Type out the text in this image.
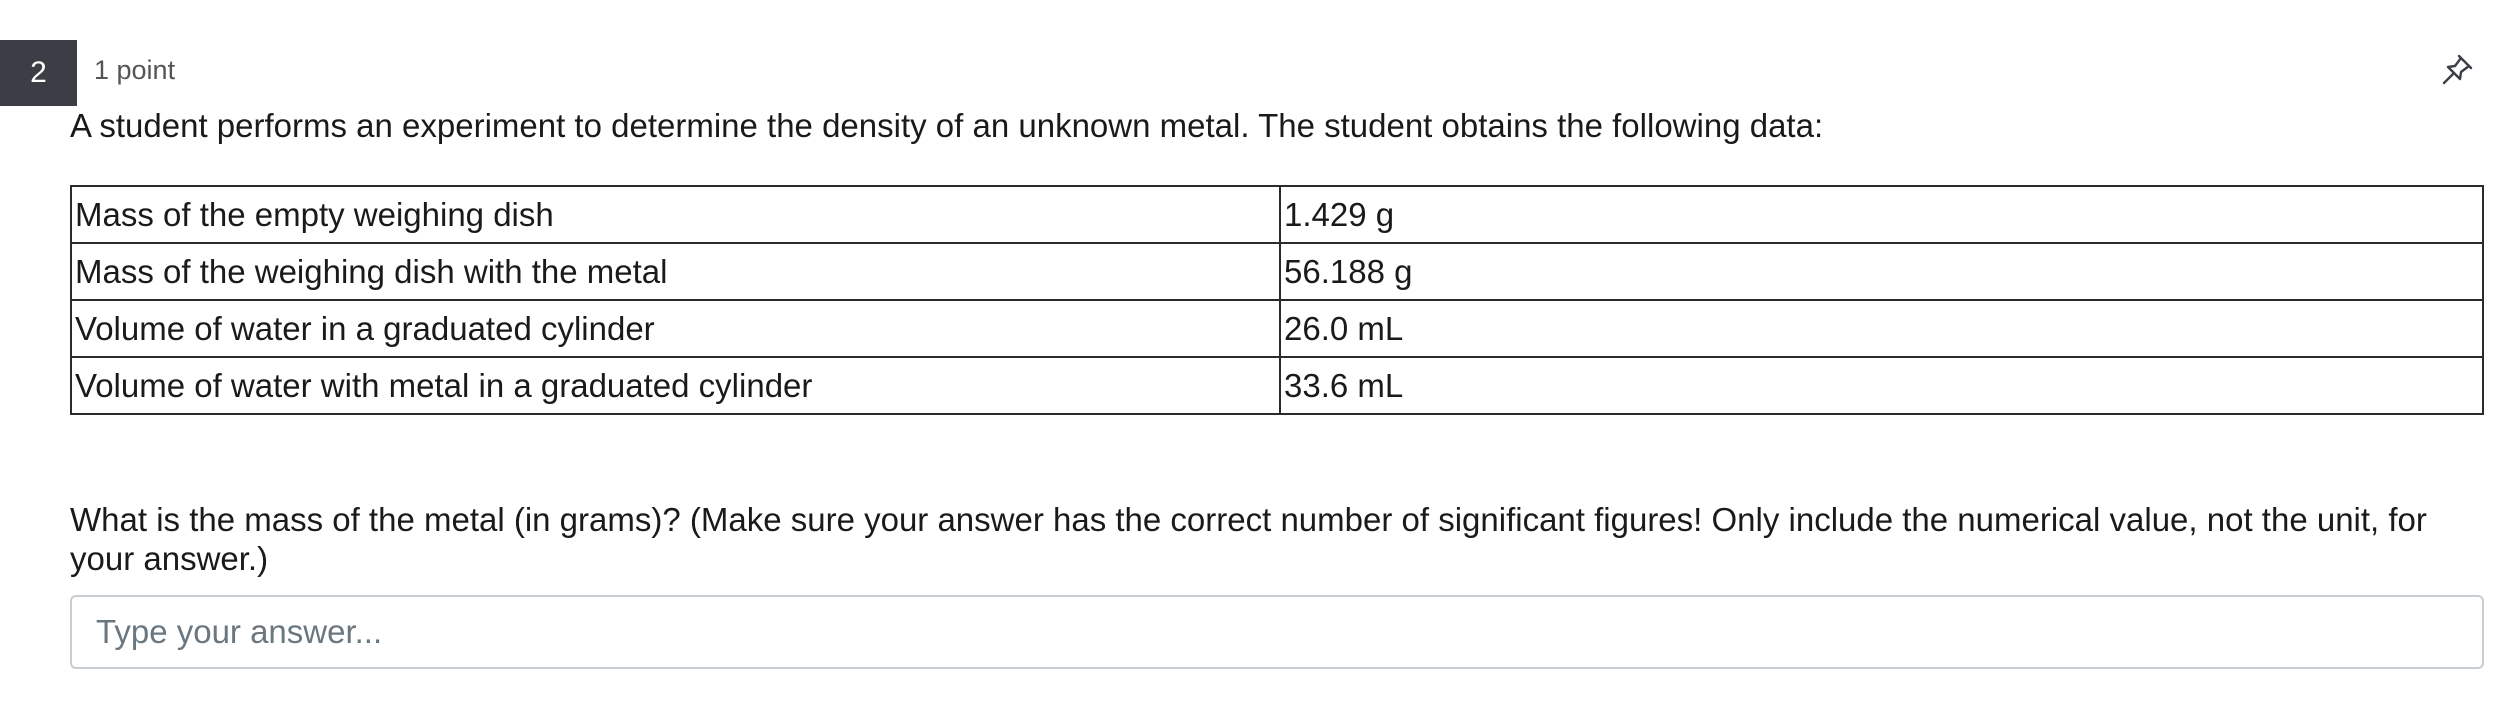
2	1 point
A student performs an experiment to determine the density of an unknown metal. The student obtains the following data:
Mass of the empty weighing dish	1.429 g
Mass of the weighing dish with the metal	56.188 g
Volume of water in a graduated cylinder	26.0 mL
Volume of water with metal in a graduated cylinder	33.6 mL
What is the mass of the metal (in grams)? (Make sure your answer has the correct number of significant figures! Only include the numerical value, not the unit, for your answer.)
Type your answer...
